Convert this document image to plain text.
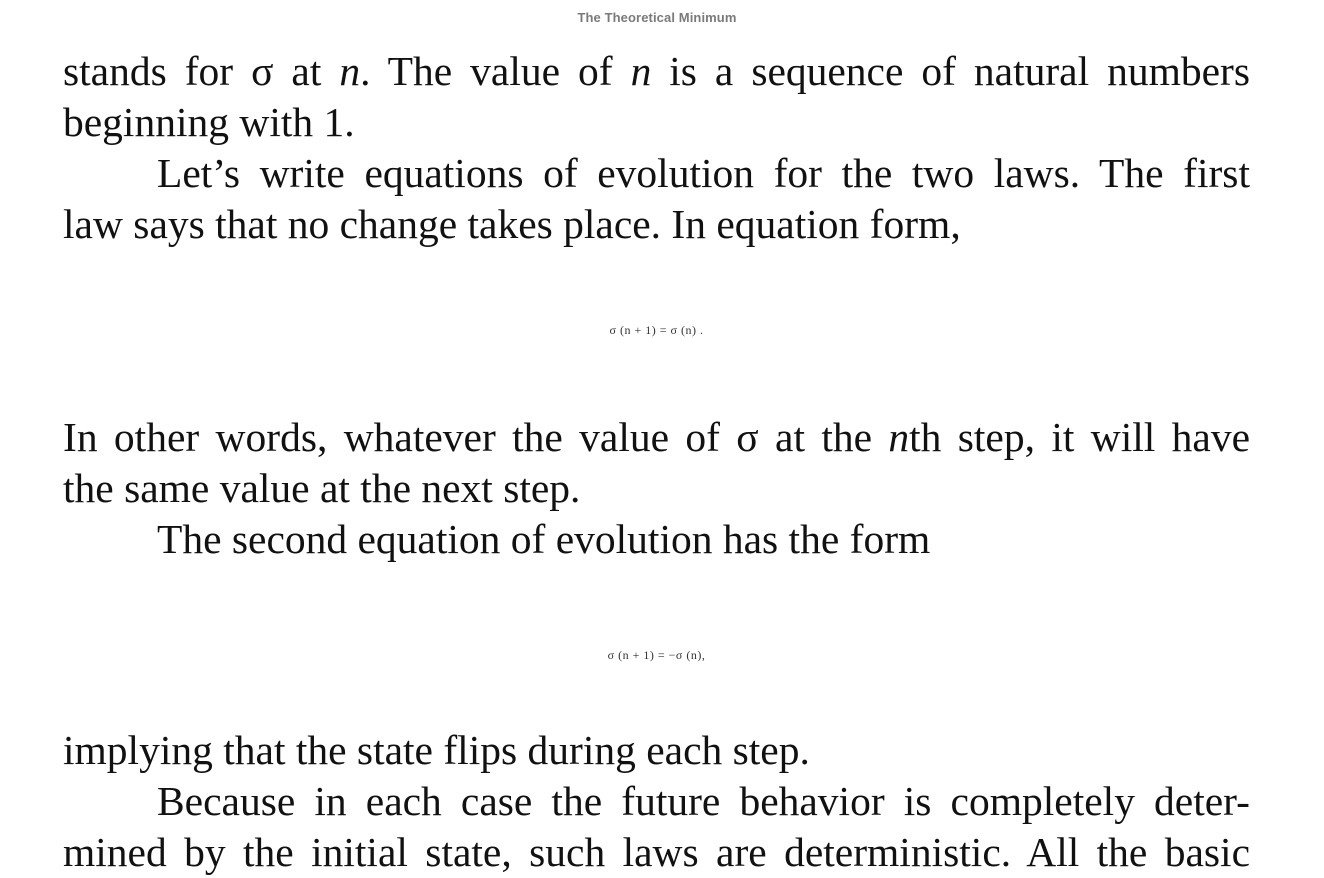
The Theoretical Minimum

stands for σ at n. The value of n is a sequence of natural numbers
beginning with 1.

Let’s write equations of evolution for the two laws. The first
law says that no change takes place. In equation form,

σ (n + 1) = σ (n) .

In other words, whatever the value of σ at the nth step, it will have
the same value at the next step.

The second equation of evolution has the form

σ (n + 1) = −σ (n),

implying that the state flips during each step.

Because in each case the future behavior is completely deter-
mined by the initial state, such laws are deterministic. All the basic
